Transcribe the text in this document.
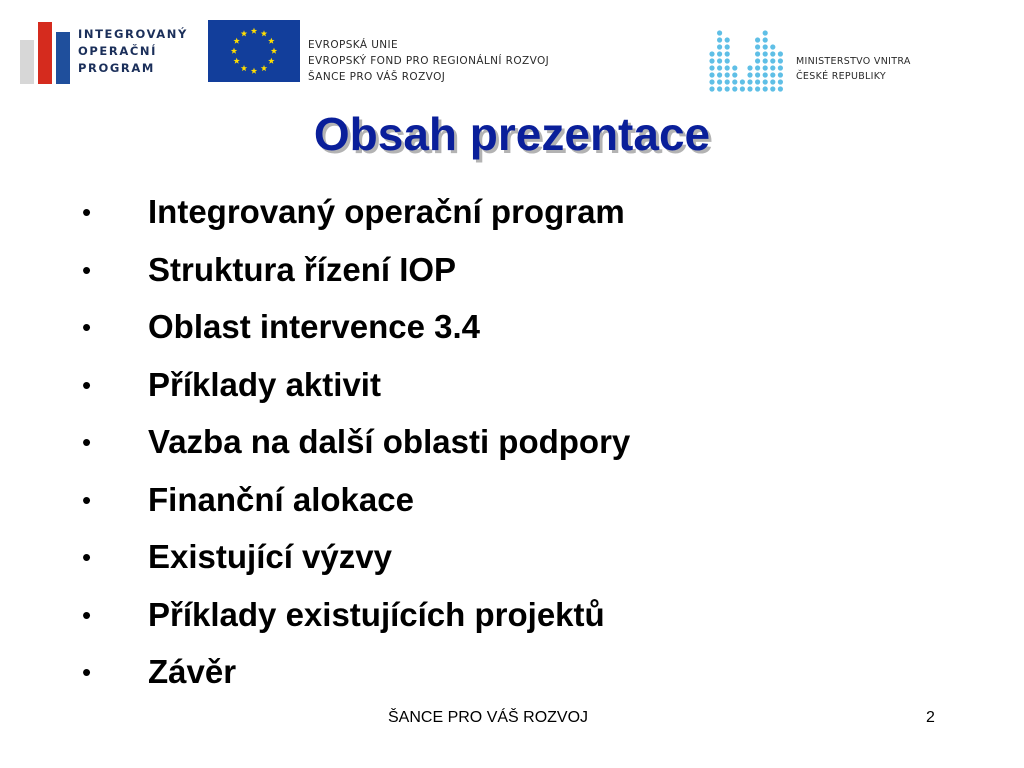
INTEGROVANÝ
OPERAČNÍ
PROGRAM
EVROPSKÁ UNIE
EVROPSKÝ FOND PRO REGIONÁLNÍ ROZVOJ
ŠANCE PRO VÁŠ ROZVOJ
MINISTERSTVO VNITRA
ČESKÉ REPUBLIKY
Obsah prezentace
• Integrovaný operační program
• Struktura řízení IOP
• Oblast intervence 3.4
• Příklady aktivit
• Vazba na další oblasti podpory
• Finanční alokace
• Existující výzvy
• Příklady existujících projektů
• Závěr
ŠANCE PRO VÁŠ ROZVOJ	2
